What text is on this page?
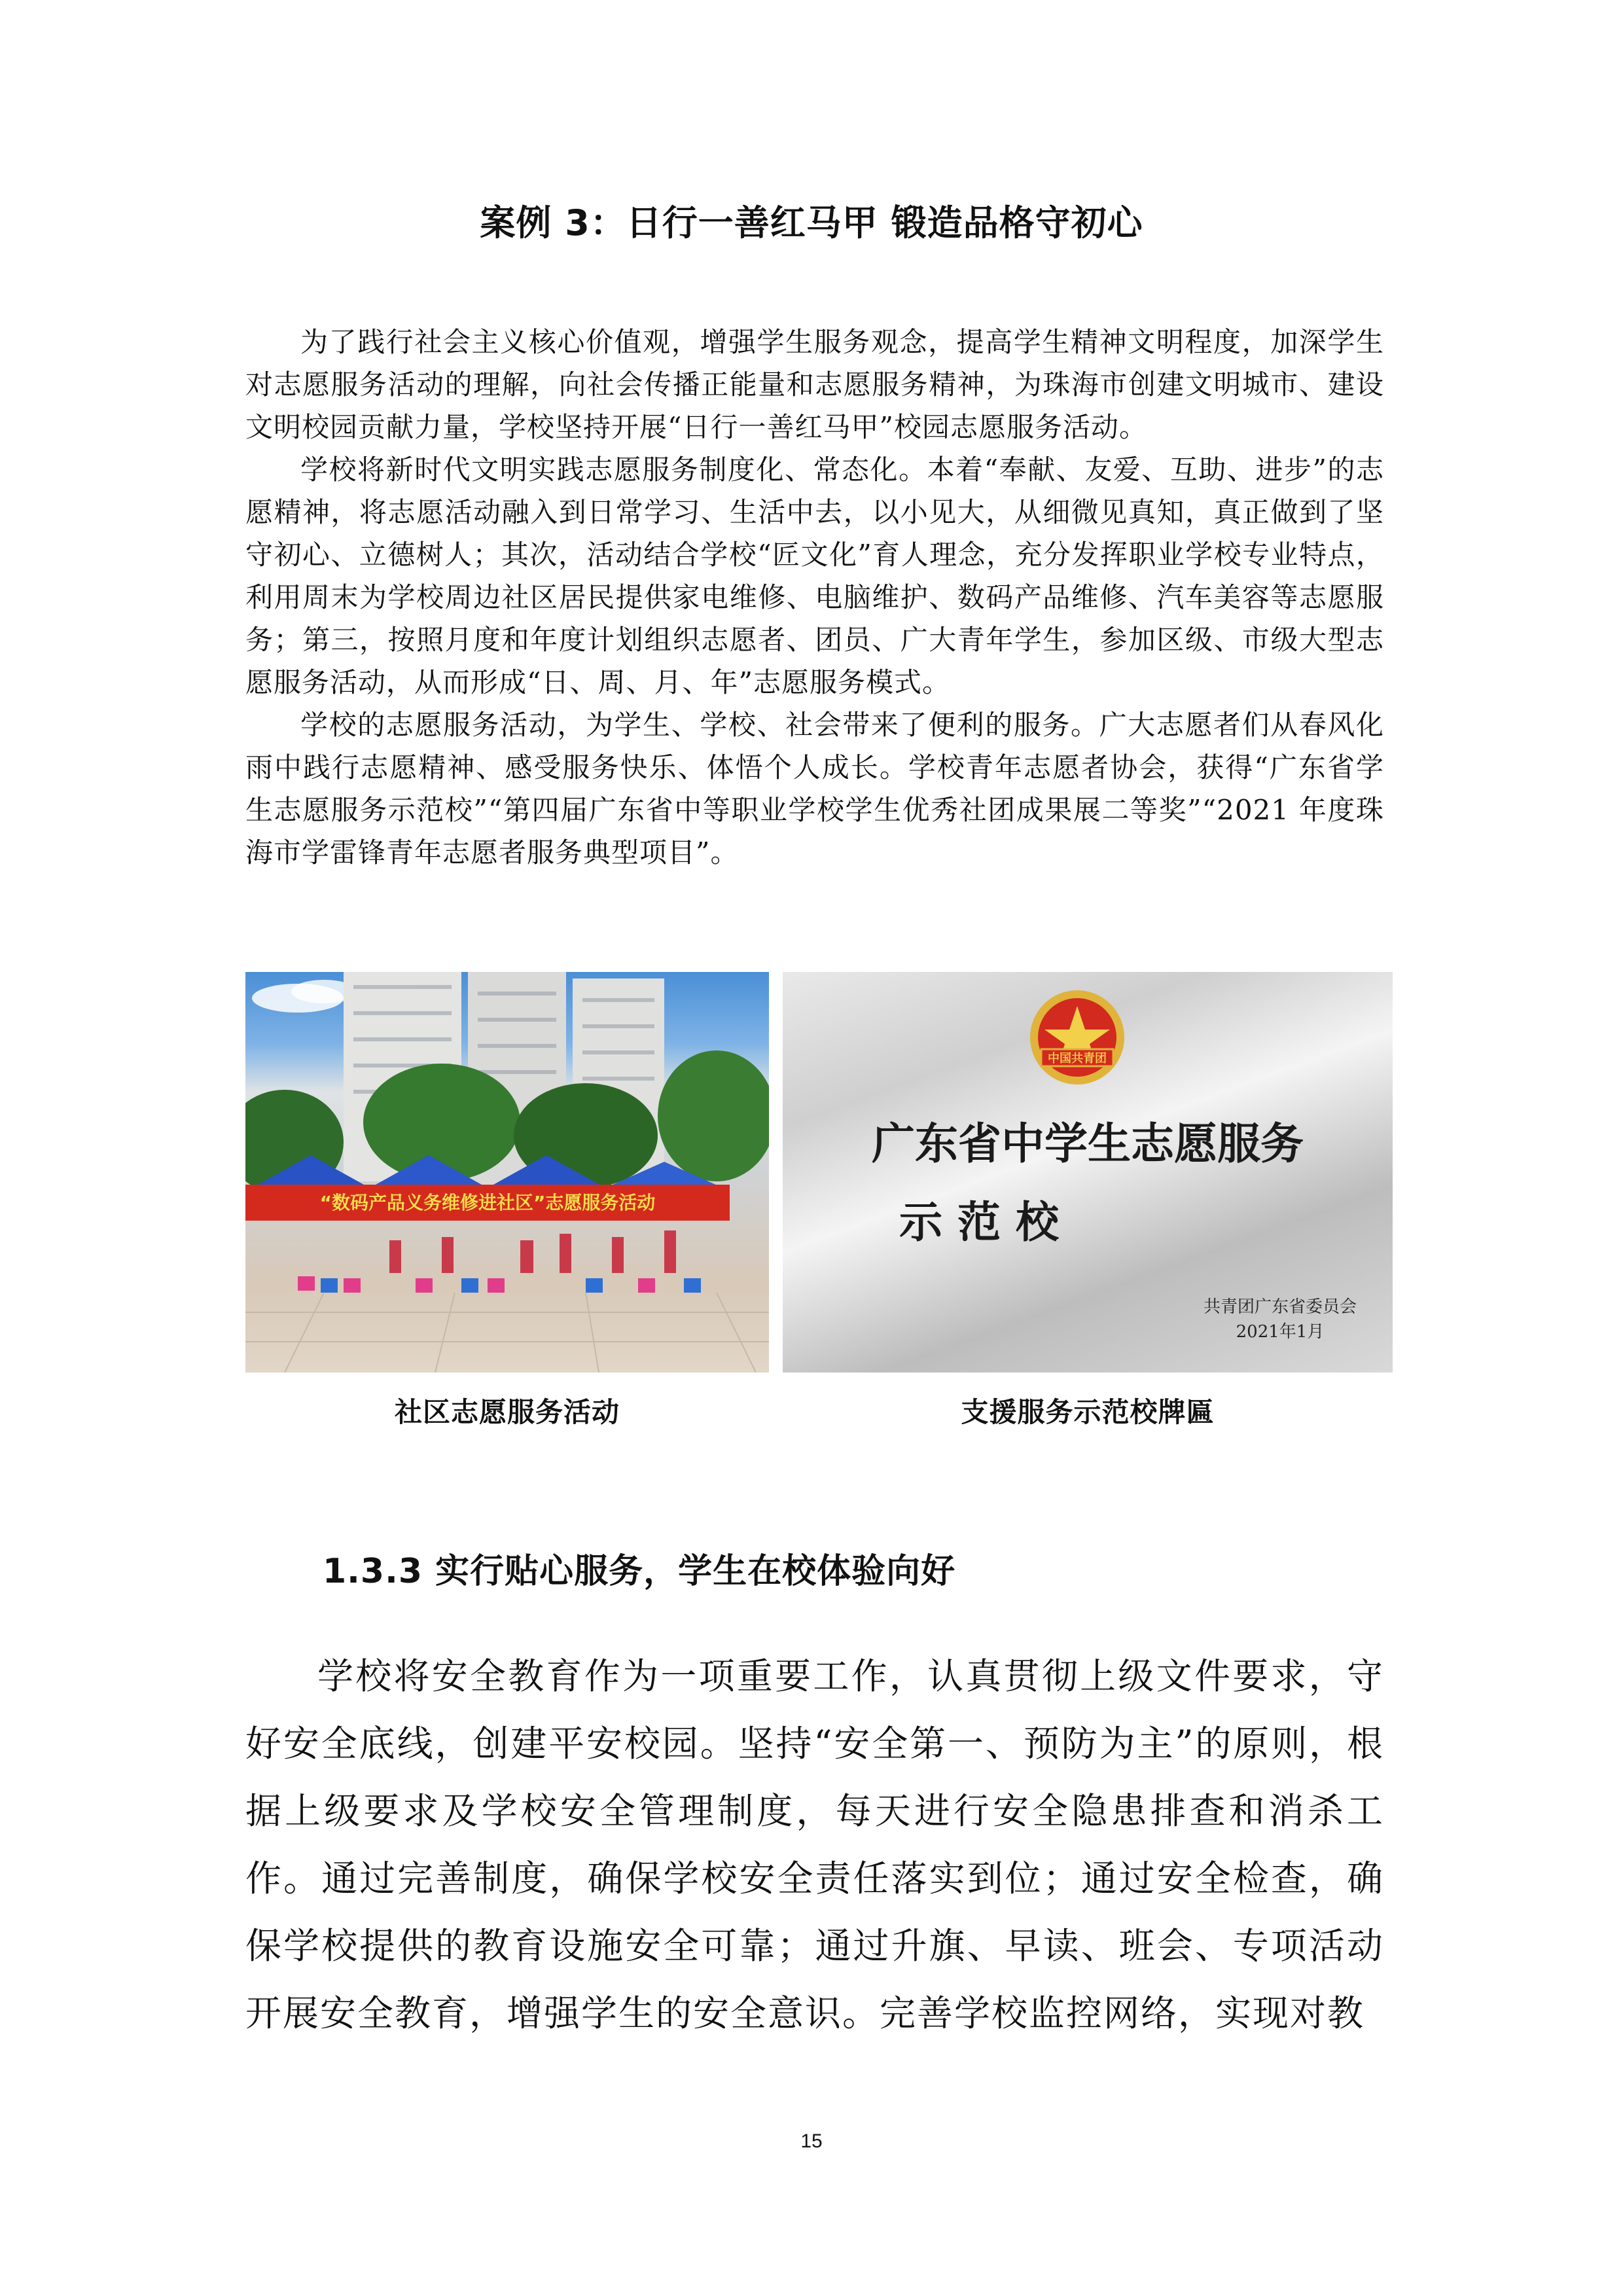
案例 3：日行一善红马甲 锻造品格守初心

为了践行社会主义核心价值观，增强学生服务观念，提高学生精神文明程度，加深学生对志愿服务活动的理解，向社会传播正能量和志愿服务精神，为珠海市创建文明城市、建设文明校园贡献力量，学校坚持开展“日行一善红马甲”校园志愿服务活动。

学校将新时代文明实践志愿服务制度化、常态化。本着“奉献、友爱、互助、进步”的志愿精神，将志愿活动融入到日常学习、生活中去，以小见大，从细微见真知，真正做到了坚守初心、立德树人；其次，活动结合学校“匠文化”育人理念，充分发挥职业学校专业特点，利用周末为学校周边社区居民提供家电维修、电脑维护、数码产品维修、汽车美容等志愿服务；第三，按照月度和年度计划组织志愿者、团员、广大青年学生，参加区级、市级大型志愿服务活动，从而形成“日、周、月、年”志愿服务模式。

学校的志愿服务活动，为学生、学校、社会带来了便利的服务。广大志愿者们从春风化雨中践行志愿精神、感受服务快乐、体悟个人成长。学校青年志愿者协会，获得“广东省学生志愿服务示范校”“第四届广东省中等职业学校学生优秀社团成果展二等奖”“2021 年度珠海市学雷锋青年志愿者服务典型项目”。

“数码产品义务维修进社区”志愿服务活动
中国共青团
广东省中学生志愿服务
示 范 校
共青团广东省委员会
2021年1月
社区志愿服务活动	支援服务示范校牌匾
1.3.3 实行贴心服务，学生在校体验向好

学校将安全教育作为一项重要工作，认真贯彻上级文件要求，守好安全底线，创建平安校园。坚持“安全第一、预防为主”的原则，根据上级要求及学校安全管理制度，每天进行安全隐患排查和消杀工作。通过完善制度，确保学校安全责任落实到位；通过安全检查，确保学校提供的教育设施安全可靠；通过升旗、早读、班会、专项活动开展安全教育，增强学生的安全意识。完善学校监控网络，实现对教

15
